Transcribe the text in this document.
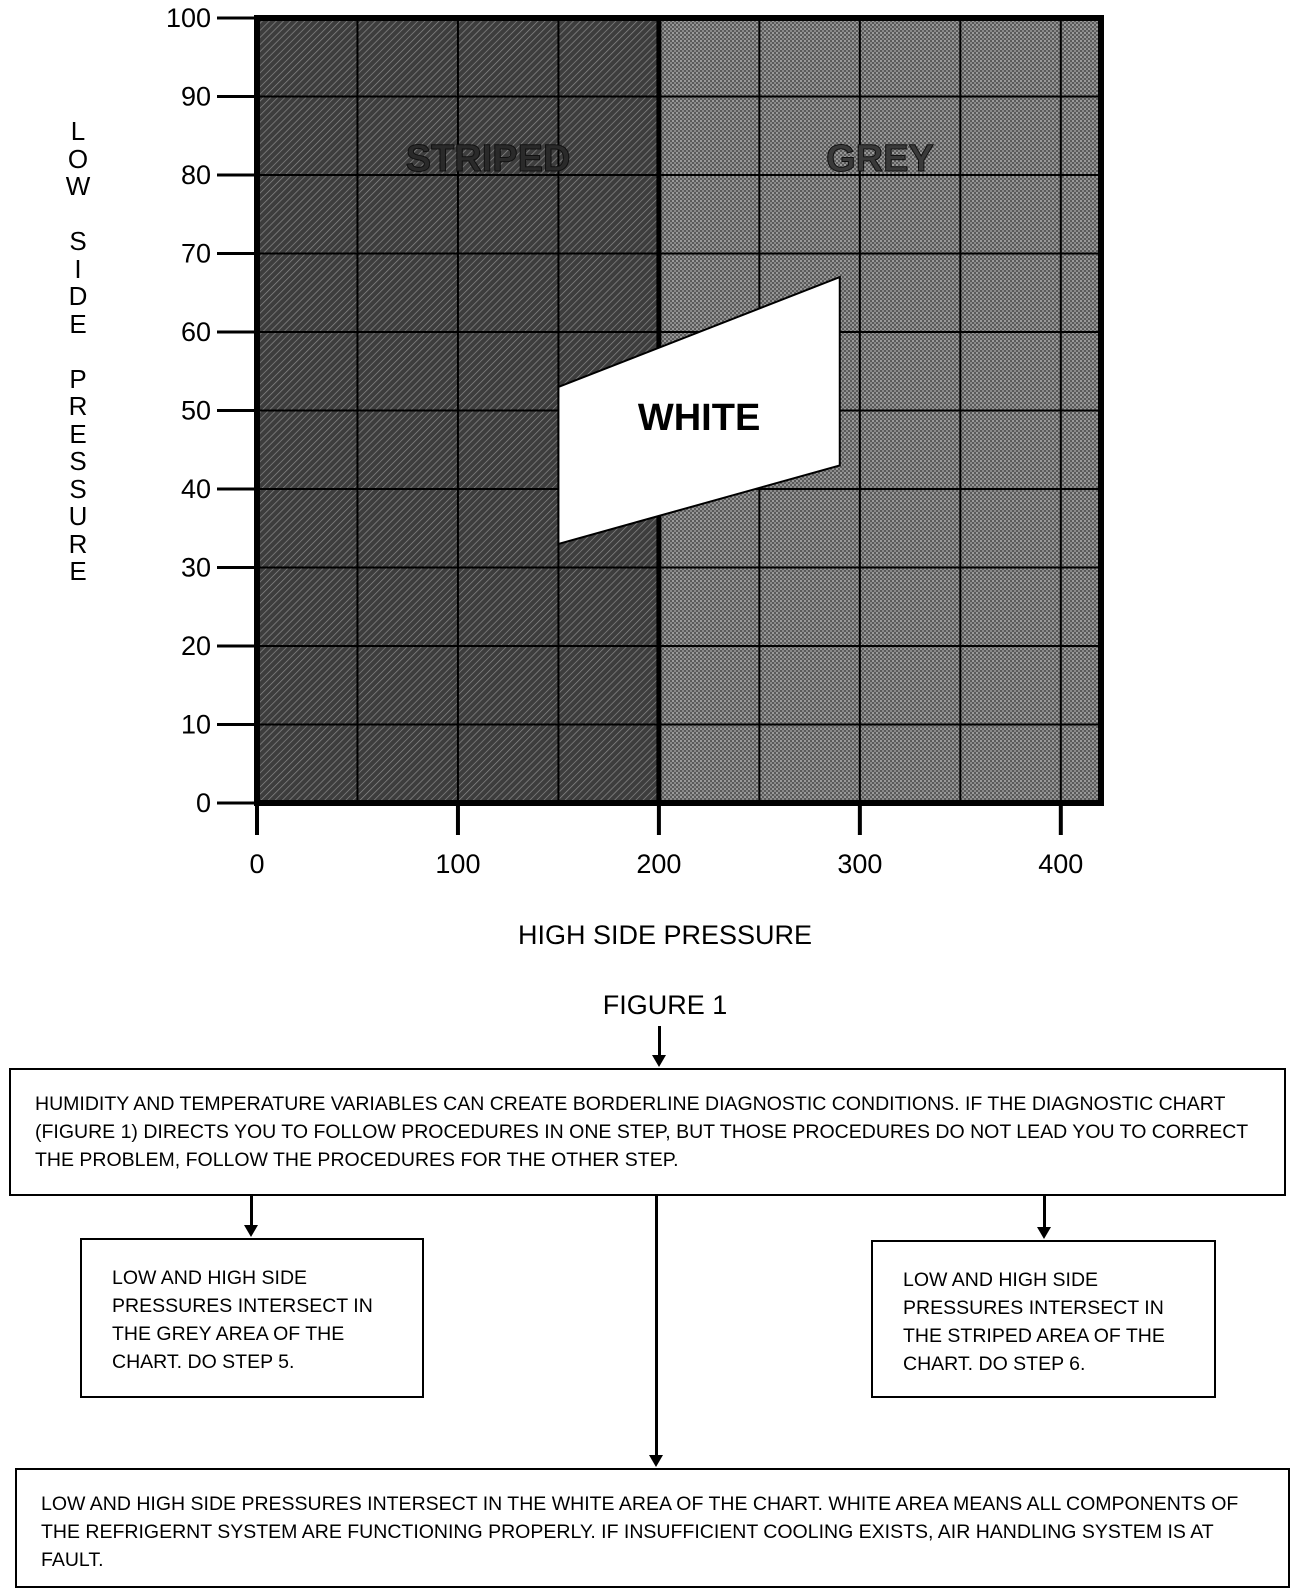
0
10
20
30
40
50
60
70
80
90
100
0	100	200	300	400
STRIPED	GREY
WHITE
L
O
W
S
I
D
E
P
R
E
S
S
U
R
E
HIGH SIDE PRESSURE
FIGURE 1

HUMIDITY AND TEMPERATURE VARIABLES CAN CREATE BORDERLINE DIAGNOSTIC CONDITIONS. IF THE DIAGNOSTIC CHART (FIGURE 1) DIRECTS YOU TO FOLLOW PROCEDURES IN ONE STEP, BUT THOSE PROCEDURES DO NOT LEAD YOU TO CORRECT THE PROBLEM, FOLLOW THE PROCEDURES FOR THE OTHER STEP.

LOW AND HIGH SIDE PRESSURES INTERSECT IN THE GREY AREA OF THE CHART. DO STEP 5.

LOW AND HIGH SIDE PRESSURES INTERSECT IN THE STRIPED AREA OF THE CHART. DO STEP 6.

LOW AND HIGH SIDE PRESSURES INTERSECT IN THE WHITE AREA OF THE CHART. WHITE AREA MEANS ALL COMPONENTS OF THE REFRIGERNT SYSTEM ARE FUNCTIONING PROPERLY. IF INSUFFICIENT COOLING EXISTS, AIR HANDLING SYSTEM IS AT FAULT.
